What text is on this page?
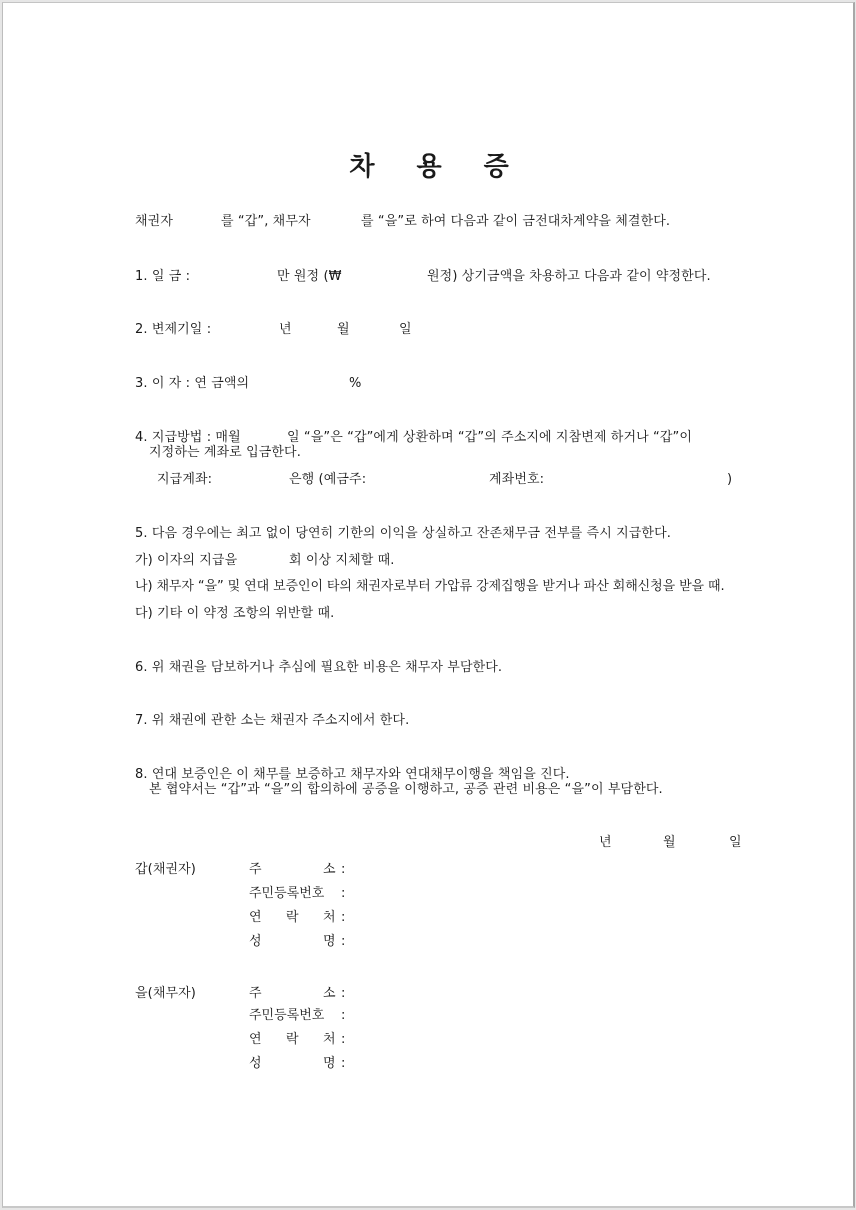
차 용 증
채권자	를 “갑”, 채무자	를 “을”로 하여 다음과 같이 금전대차계약을 체결한다.
1. 일 금 :	만 원정 (₩	원정) 상기금액을 차용하고 다음과 같이 약정한다.
2. 변제기일 :	년	월	일
3. 이 자 : 연 금액의	%
4. 지급방법 : 매월	일 “을”은 “갑”에게 상환하며 “갑”의 주소지에 지참변제 하거나 “갑”이
지정하는 계좌로 입금한다.
지급계좌:	은행 (예금주:	계좌번호:	)
5. 다음 경우에는 최고 없이 당연히 기한의 이익을 상실하고 잔존채무금 전부를 즉시 지급한다.
가) 이자의 지급을	회 이상 지체할 때.
나) 채무자 “을” 및 연대 보증인이 타의 채권자로부터 가압류 강제집행을 받거나 파산 회해신청을 받을 때.
다) 기타 이 약정 조항의 위반할 때.
6. 위 채권을 담보하거나 추심에 필요한 비용은 채무자 부담한다.
7. 위 채권에 관한 소는 채권자 주소지에서 한다.
8. 연대 보증인은 이 채무를 보증하고 채무자와 연대채무이행을 책임을 진다.
본 협약서는 “갑”과 “을”의 합의하에 공증을 이행하고, 공증 관련 비용은 “을”이 부담한다.
년	월	일
갑(채권자)	주	소 :
주민등록번호 :
연 락 처 :
성	명 :
을(채무자)	주	소 :
주민등록번호 :
연 락 처 :
성	명 :
